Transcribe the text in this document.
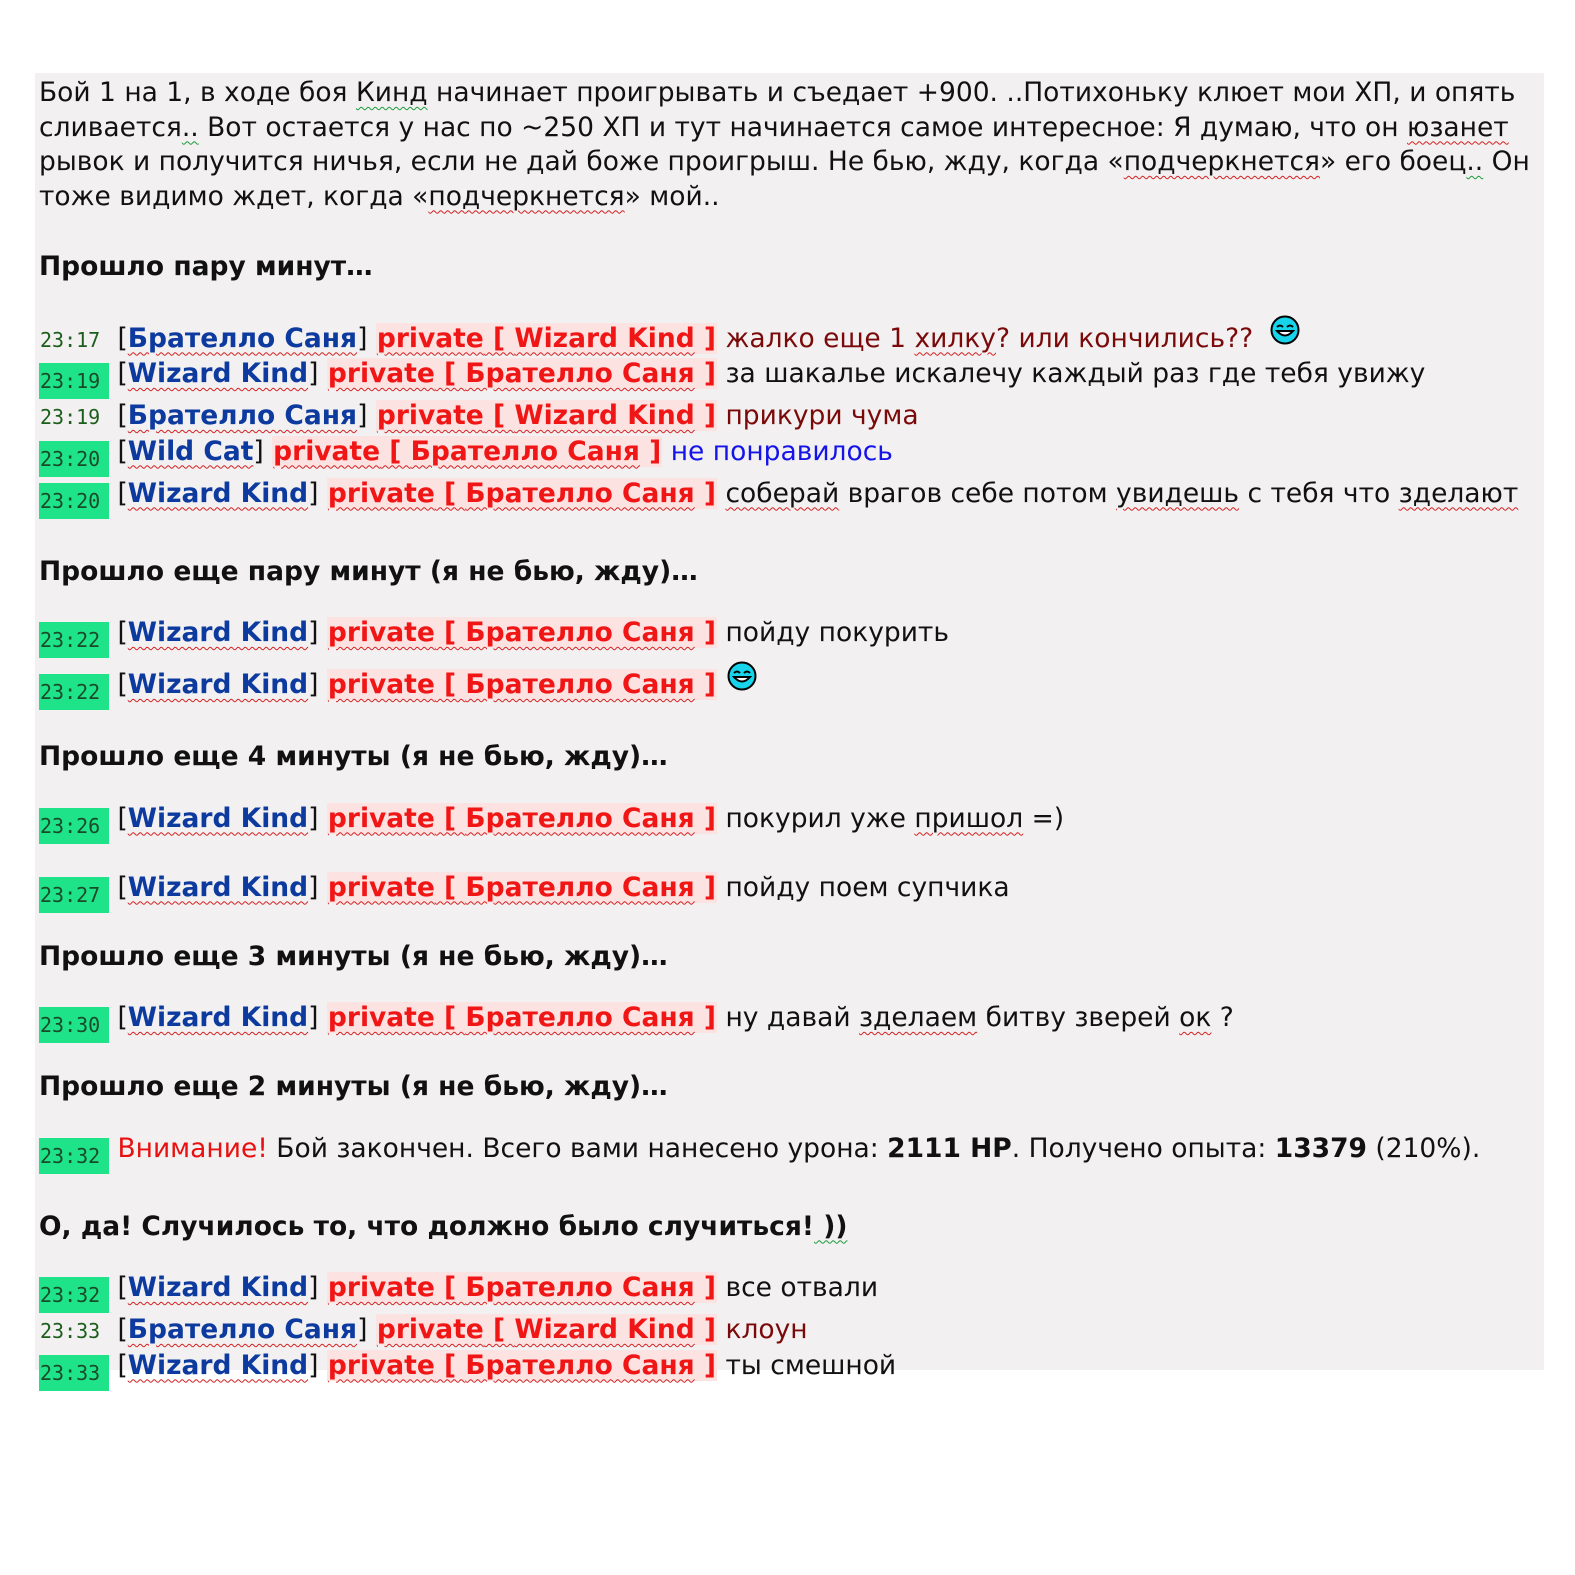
Бой 1 на 1, в ходе боя Кинд начинает проигрывать и съедает +900. ..Потихоньку клюет мои ХП, и опять сливается.. Вот остается у нас по ~250 ХП и тут начинается самое интересное: Я думаю, что он юзанет рывок и получится ничья, если не дай боже проигрыш. Не бью, жду, когда «подчеркнется» его боец.. Он тоже видимо ждет, когда «подчеркнется» мой..

Прошло пару минут…

23:17 [Брателло Саня] private [ Wizard Kind ] жалко еще 1 хилку? или кончились??
23:19 [Wizard Kind] private [ Брателло Саня ] за шакалье искалечу каждый раз где тебя увижу
23:19 [Брателло Саня] private [ Wizard Kind ] прикури чума
23:20 [Wild Cat] private [ Брателло Саня ] не понравилось
23:20 [Wizard Kind] private [ Брателло Саня ] соберай врагов себе потом увидешь с тебя что зделают

Прошло еще пару минут (я не бью, жду)…

23:22 [Wizard Kind] private [ Брателло Саня ] пойду покурить
23:22 [Wizard Kind] private [ Брателло Саня ]

Прошло еще 4 минуты (я не бью, жду)…

23:26 [Wizard Kind] private [ Брателло Саня ] покурил уже пришол =)
23:27 [Wizard Kind] private [ Брателло Саня ] пойду поем супчика

Прошло еще 3 минуты (я не бью, жду)…

23:30 [Wizard Kind] private [ Брателло Саня ] ну давай зделаем битву зверей ок ?

Прошло еще 2 минуты (я не бью, жду)…

23:32 Внимание! Бой закончен. Всего вами нанесено урона: 2111 HP. Получено опыта: 13379 (210%).

О, да! Случилось то, что должно было случиться! ))

23:32 [Wizard Kind] private [ Брателло Саня ] все отвали
23:33 [Брателло Саня] private [ Wizard Kind ] клоун
23:33 [Wizard Kind] private [ Брателло Саня ] ты смешной
